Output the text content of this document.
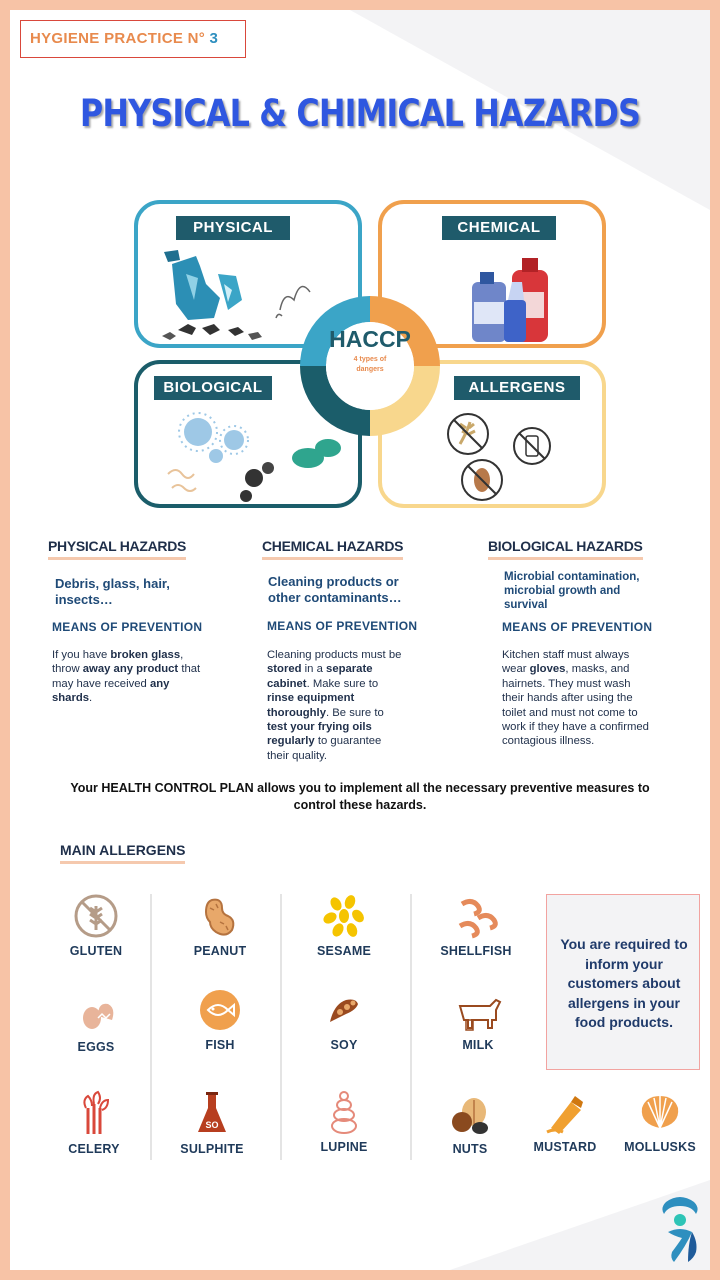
HYGIENE PRACTICE N° 3
PHYSICAL & CHIMICAL HAZARDS
PHYSICAL	CHEMICAL
BIOLOGICAL	ALLERGENS
HACCP
4 types of dangers
PHYSICAL HAZARDS
Debris, glass, hair, insects…
MEANS OF PREVENTION
If you have broken glass, throw away any product that may have received any shards.
CHEMICAL HAZARDS
Cleaning products or other contaminants…
MEANS OF PREVENTION
Cleaning products must be stored in a separate cabinet. Make sure to rinse equipment thoroughly. Be sure to test your frying oils regularly to guarantee their quality.
BIOLOGICAL HAZARDS
Microbial contamination, microbial growth and survival
MEANS OF PREVENTION
Kitchen staff must always wear gloves, masks, and hairnets. They must wash their hands after using the toilet and must not come to work if they have a confirmed contagious illness.
Your HEALTH CONTROL PLAN allows you to implement all the necessary preventive measures to control these hazards.
MAIN ALLERGENS
GLUTEN	PEANUT	SESAME	SHELLFISH
EGGS	FISH	SOY	MILK
CELERY
SO
SULPHITE	LUPINE	NUTS	MUSTARD	MOLLUSKS
You are required to inform your customers about allergens in your food products.
